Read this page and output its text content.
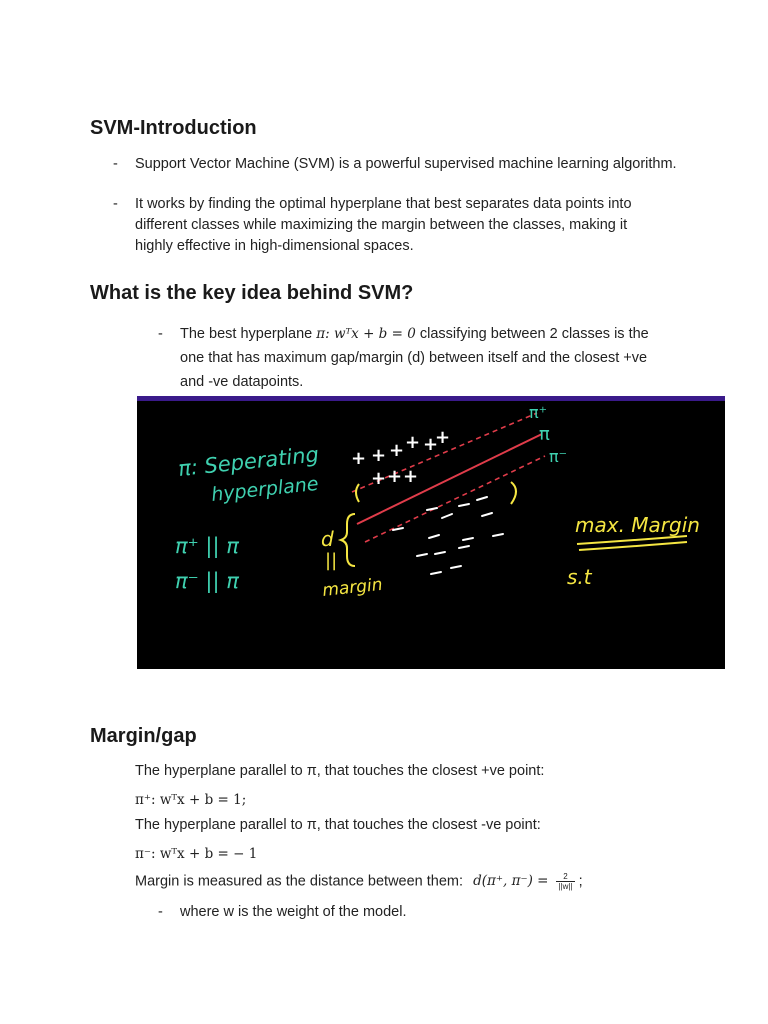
SVM-Introduction
- Support Vector Machine (SVM) is a powerful supervised machine learning algorithm.
- It works by finding the optimal hyperplane that best separates data points into different classes while maximizing the margin between the classes, making it highly effective in high-dimensional spaces.
What is the key idea behind SVM?
- The best hyperplane π: wᵀx + b = 0 classifying between 2 classes is the one that has maximum gap/margin (d) between itself and the closest +ve and -ve datapoints.
π: Seperating
hyperplane
π⁺ || π
π⁻ || π
π⁺
π
π⁻
+ + + + +
+
+ + +
d
||
margin
max. Margin
s.t
Margin/gap
The hyperplane parallel to π, that touches the closest +ve point:
π⁺: wᵀx + b = 1;
The hyperplane parallel to π, that touches the closest -ve point:
π⁻: wᵀx + b = − 1
Margin is measured as the distance between them: d(π⁺, $\pi^-) = \frac{2}{||w||}$ ;
- where w is the weight of the model.
